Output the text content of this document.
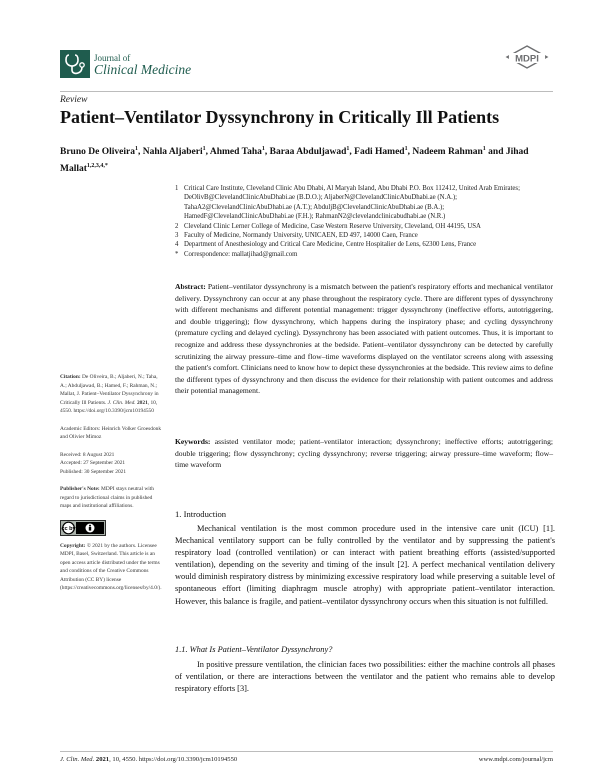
Journal of
Clinical Medicine
MDPI
Review
Patient–Ventilator Dyssynchrony in Critically Ill Patients
Bruno De Oliveira$^1$, Nahla Aljaberi$^1$, Ahmed Taha$^1$, Baraa Abduljawad$^1$, Fadi Hamed$^1$, Nadeem Rahman$^1$ and Jihad Mallat$^{1,2,3,4,*}$
1 Critical Care Institute, Cleveland Clinic Abu Dhabi, Al Maryah Island, Abu Dhabi P.O. Box 112412, United Arab Emirates; DeOlivB@ClevelandClinicAbuDhabi.ae (B.D.O.); AljaberN@ClevelandClinicAbuDhabi.ae (N.A.); TahaA2@ClevelandClinicAbuDhabi.ae (A.T.); AbduljB@ClevelandClinicAbuDhabi.ae (B.A.); HamedF@ClevelandClinicAbuDhabi.ae (F.H.); RahmanN2@clevelandclinicabudhabi.ae (N.R.)
2 Cleveland Clinic Lerner College of Medicine, Case Western Reserve University, Cleveland, OH 44195, USA
3 Faculty of Medicine, Normandy University, UNICAEN, ED 497, 14000 Caen, France
4 Department of Anesthesiology and Critical Care Medicine, Centre Hospitalier de Lens, 62300 Lens, France
* Correspondence: mallatjihad@gmail.com
Abstract: Patient–ventilator dyssynchrony is a mismatch between the patient's respiratory efforts and mechanical ventilator delivery. Dyssynchrony can occur at any phase throughout the respiratory cycle. There are different types of dyssynchrony with different mechanisms and different potential management: trigger dyssynchrony (ineffective efforts, autotriggering, and double triggering); flow dyssynchrony, which happens during the inspiratory phase; and cycling dyssynchrony (premature cycling and delayed cycling). Dyssynchrony has been associated with patient outcomes. Thus, it is important to recognize and address these dyssynchronies at the bedside. Patient–ventilator dyssynchrony can be detected by carefully scrutinizing the airway pressure–time and flow–time waveforms displayed on the ventilator screens along with assessing the patient's comfort. Clinicians need to know how to depict these dyssynchronies at the bedside. This review aims to define the different types of dyssynchrony and then discuss the evidence for their relationship with patient outcomes and address their potential management.
Keywords: assisted ventilator mode; patient–ventilator interaction; dyssynchrony; ineffective efforts; autotriggering; double triggering; flow dyssynchrony; cycling dyssynchrony; reverse triggering; airway pressure–time waveform; flow–time waveform
Citation: De Oliveira, B.; Aljaberi, N.; Taha, A.; Abduljawad, B.; Hamed, F.; Rahman, N.; Mallat, J. Patient–Ventilator Dyssynchrony in Critically Ill Patients. J. Clin. Med. 2021, 10, 4550. https://doi.org/10.3390/jcm10194550
Academic Editors: Heinrich Volker Groesdonk and Olivier Mimoz
Received: 8 August 2021
Accepted: 27 September 2021
Published: 30 September 2021
Publisher's Note: MDPI stays neutral with regard to jurisdictional claims in published maps and institutional affiliations.
cc by
Copyright: © 2021 by the authors. Licensee MDPI, Basel, Switzerland. This article is an open access article distributed under the terms and conditions of the Creative Commons Attribution (CC BY) license (https://creativecommons.org/licenses/by/4.0/).
1. Introduction
Mechanical ventilation is the most common procedure used in the intensive care unit (ICU) [1]. Mechanical ventilatory support can be fully controlled by the ventilator and by suppressing the patient's respiratory load (controlled ventilation) or can interact with patient breathing efforts (assisted/supported ventilation), depending on the severity and timing of the insult [2]. A perfect mechanical ventilation delivery would diminish respiratory distress by minimizing excessive respiratory load while preserving a suitable level of spontaneous effort (limiting diaphragm muscle atrophy) with appropriate patient–ventilator interaction. However, this balance is fragile, and patient–ventilator dyssynchrony occurs when this situation is not fulfilled.
1.1. What Is Patient–Ventilator Dyssynchrony?
In positive pressure ventilation, the clinician faces two possibilities: either the machine controls all phases of ventilation, or there are interactions between the ventilator and the patient who remains able to develop respiratory efforts [3].
J. Clin. Med. 2021, 10, 4550. https://doi.org/10.3390/jcm10194550	www.mdpi.com/journal/jcm
